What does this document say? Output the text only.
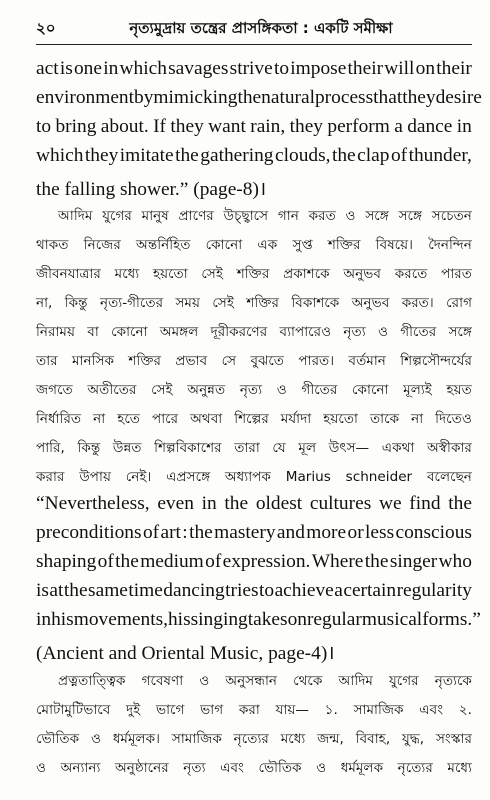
২০	নৃত্যমুদ্রায় তন্ত্রের প্রাসঙ্গিকতা : একটি সমীক্ষা
act is one in which savages strive to impose their will on their
environment by mimicking the natural process that they desire
to bring about. If they want rain, they perform a dance in
which they imitate the gathering clouds, the clap of thunder,
the falling shower.” (page-8)।
আদিম যুগের মানুষ প্রাণের উচ্ছ্বাসে গান করত ও সঙ্গে সঙ্গে সচেতন
থাকত নিজের অন্তর্নিহিত কোনো এক সুপ্ত শক্তির বিষয়ে। দৈনন্দিন
জীবনযাত্রার মধ্যে হয়তো সেই শক্তির প্রকাশকে অনুভব করতে পারত
না, কিন্তু নৃত্য-গীতের সময় সেই শক্তির বিকাশকে অনুভব করত। রোগ
নিরাময় বা কোনো অমঙ্গল দূরীকরণের ব্যাপারেও নৃত্য ও গীতের সঙ্গে
তার মানসিক শক্তির প্রভাব সে বুঝতে পারত। বর্তমান শিল্পসৌন্দর্যের
জগতে অতীতের সেই অনুন্নত নৃত্য ও গীতের কোনো মূল্যই হয়ত
নির্ধারিত না হতে পারে অথবা শিল্পের মর্যাদা হয়তো তাকে না দিতেও
পারি, কিন্তু উন্নত শিল্পবিকাশের তারা যে মূল উৎস— একথা অস্বীকার
করার উপায় নেই। এপ্রসঙ্গে অধ্যাপক Marius schneider বলেছেন
“Nevertheless, even in the oldest cultures we find the
preconditions of art : the mastery and more or less conscious
shaping of the medium of expression. Where the singer who
is at the same time dancing tries to achieve a certain regularity
in his movements, his singing takes on regular musical forms.”
(Ancient and Oriental Music, page-4)।
প্রত্নতাত্ত্বিক গবেষণা ও অনুসন্ধান থেকে আদিম যুগের নৃত্যকে
মোটামুটিভাবে দুই ভাগে ভাগ করা যায়— ১. সামাজিক এবং ২.
ভৌতিক ও ধর্মমূলক। সামাজিক নৃত্যের মধ্যে জন্ম, বিবাহ, যুদ্ধ, সংস্কার
ও অন্যান্য অনুষ্ঠানের নৃত্য এবং ভৌতিক ও ধর্মমূলক নৃত্যের মধ্যে
